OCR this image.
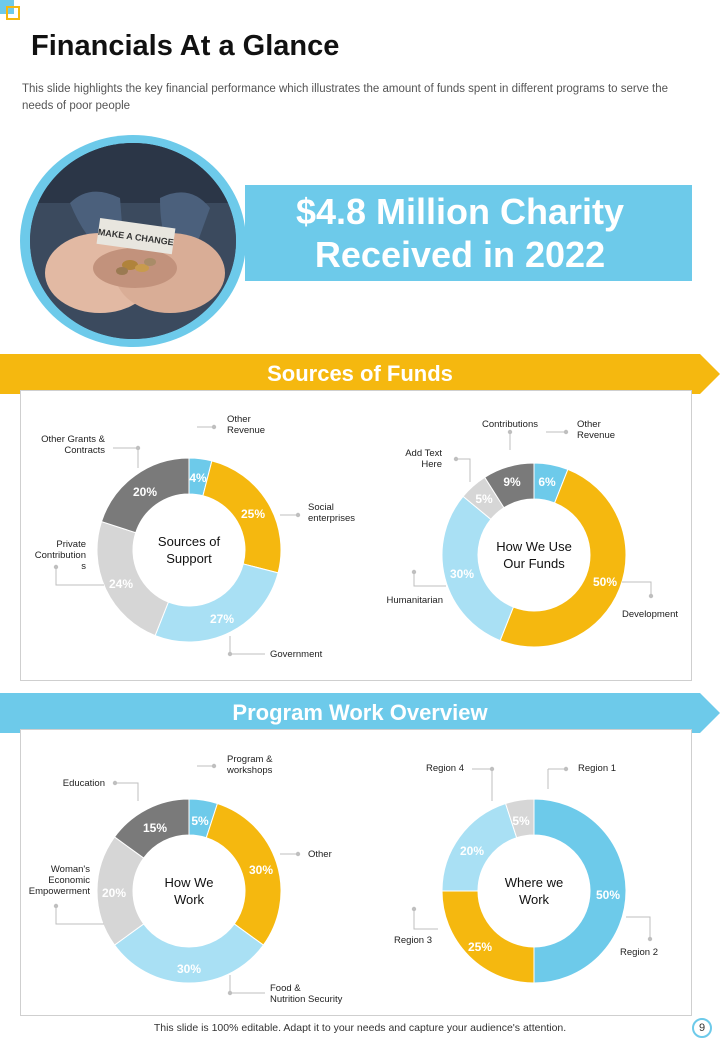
Financials At a Glance

This slide highlights the key financial performance which illustrates the amount of funds spent in different programs to serve the needs of poor people

MAKE A CHANGE
$4.8 Million Charity
Received in 2022
Sources of Funds
Program Work Overview
4%
25%
27%
24%
20%
Sources of
Support
Other
Revenue
Social
enterprises
Government
Private
Contribution
s
Other Grants &
Contracts
6%
50%
30%
5%
9%
How We Use
Our Funds
Other
Revenue
Development
Humanitarian
Add Text
Here
Contributions
5%
30%
30%
20%
15%
How We
Work
Program &
workshops
Other
Food &
Nutrition Security
Woman's
Economic
Empowerment
Education
50%
25%
20%
5%
Where we
Work
Region 1
Region 2
Region 3
Region 4
This slide is 100% editable. Adapt it to your needs and capture your audience's attention.	9
